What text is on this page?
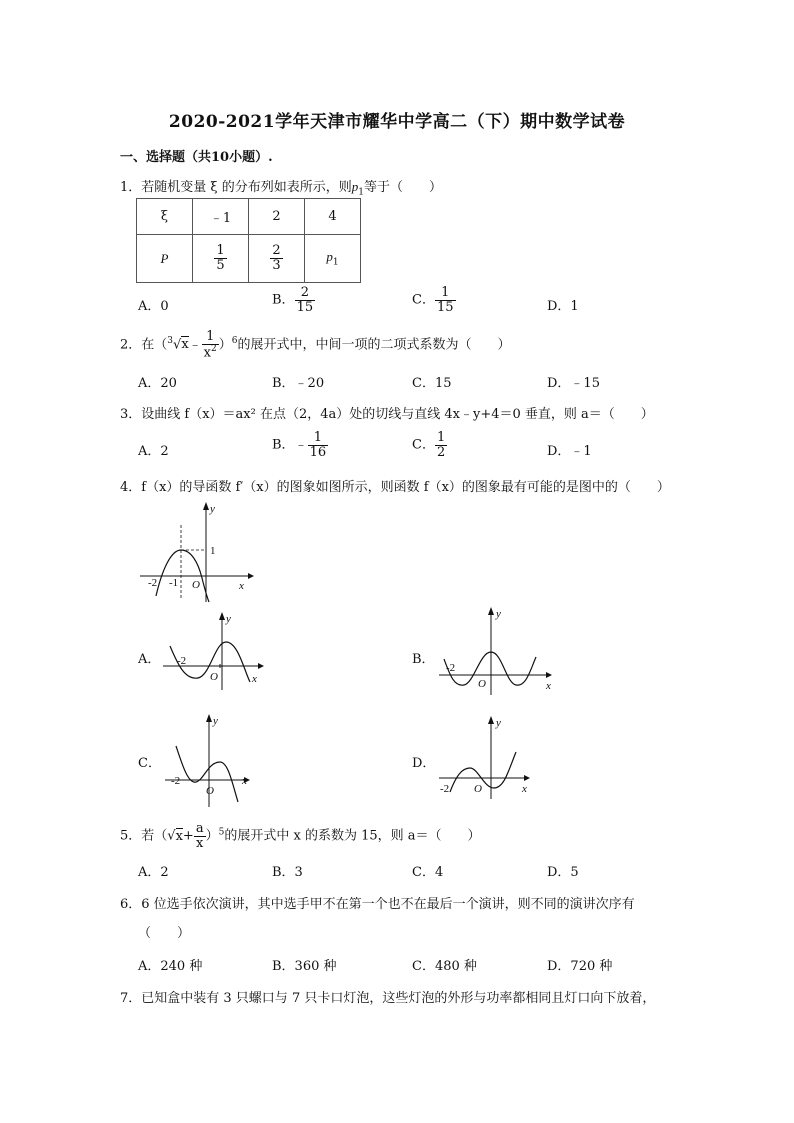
2020-2021学年天津市耀华中学高二（下）期中数学试卷
一、选择题（共10小题）.
1．若随机变量 ξ 的分布列如表所示，则$p_1$等于（　　）
ξ	﹣1	2	4
P	$\frac{1}{5}$	$\frac{2}{3}$	$p_1$
A．0	B． $\frac{2}{15}$	C． $\frac{1}{15}$	D．1
2．在（$^3$√x﹣ $\frac{1}{x^2} )^6$的展开式中，中间一项的二项式系数为（　　）
A．20	B．﹣20	C．15	D．﹣15
3．设曲线 f（x）＝ax² 在点（2，4a）处的切线与直线 4x﹣y+4＝0 垂直，则 a＝（　　）
A．2	B．﹣ $\frac{1}{16}$	C． $\frac{1}{2}$	D．﹣1
4．f（x）的导函数 f′（x）的图象如图所示，则函数 f（x）的图象最有可能的是图中的（　　）
-2 -1 O	x
y
1
A． -2
O	x
y
B．
-2
O	x
y
C．
-2
O
x
y
D．
-2 O	x
y
5．若$(√x+ \frac{a}{x} )^5$的展开式中 x 的系数为 15，则 a＝（　　）
A．2	B．3	C．4	D．5
6．6 位选手依次演讲，其中选手甲不在第一个也不在最后一个演讲，则不同的演讲次序有
（　　）
A．240 种	B．360 种	C．480 种	D．720 种
7．已知盒中装有 3 只螺口与 7 只卡口灯泡，这些灯泡的外形与功率都相同且灯口向下放着，
